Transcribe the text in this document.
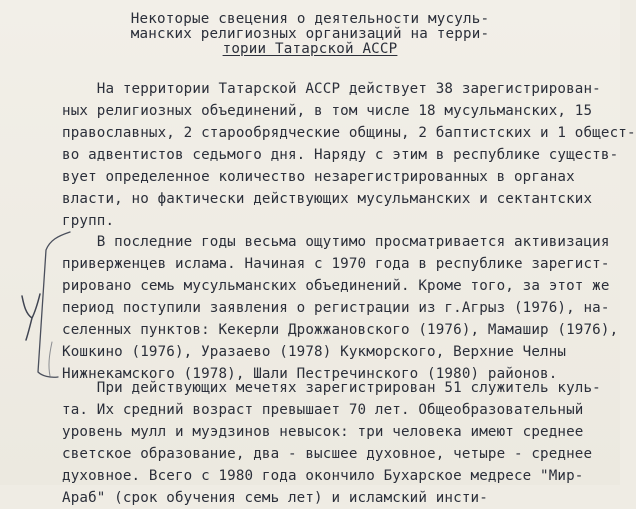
Некоторые свецения о деятельности мусуль-
манских религиозных организаций на терри-
тории Татарской АССР
На территории Татарской АССР действует 38 зарегистрирован-
ных религиозных объединений, в том числе 18 мусульманских, 15
православных, 2 старообрядческие общины, 2 баптистских и 1 общест-
во адвентистов седьмого дня. Наряду с этим в республике существ-
вует определенное количество незарегистрированных в органах
власти, но фактически действующих мусульманских и сектантских
групп.
В последние годы весьма ощутимо просматривается активизация
приверженцев ислама. Начиная с 1970 года в республике зарегист-
рировано семь мусульманских объединений. Кроме того, за этот же
период поступили заявления о регистрации из г.Агрыз (1976), на-
селенных пунктов: Кекерли Дрожжановского (1976), Мамашир (1976),
Кошкино (1976), Уразаево (1978) Кукморского, Верхние Челны
Нижнекамского (1978), Шали Пестречинского (1980) районов.
При действующих мечетях зарегистрирован 51 служитель куль-
та. Их средний возраст превышает 70 лет. Общеобразовательный
уровень мулл и муэдзинов невысок: три человека имеют среднее
светское образование, два - высшее духовное, четыре - среднее
духовное. Всего с 1980 года окончило Бухарское медресе "Мир-
Араб" (срок обучения семь лет) и исламский инсти-
